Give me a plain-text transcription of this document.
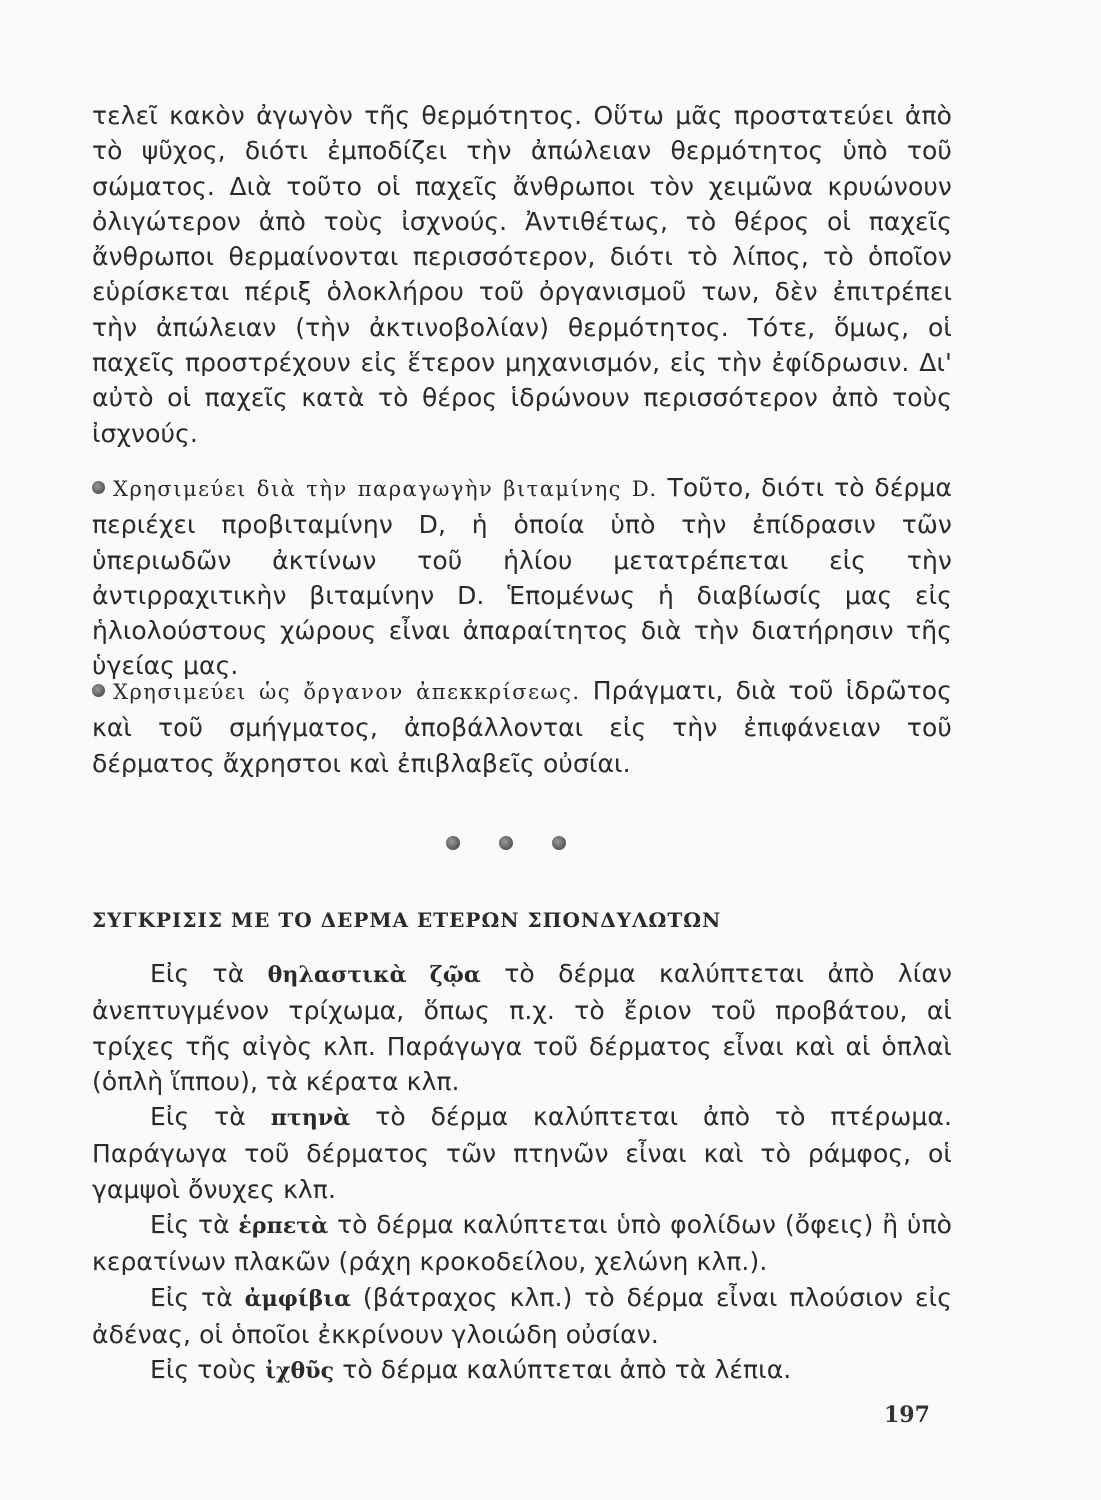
τελεῖ κακὸν ἀγωγὸν τῆς θερμότητος. Οὕτω μᾶς προστατεύει ἀπὸ τὸ ψῦχος, διότι ἐμποδίζει τὴν ἀπώλειαν θερμότητος ὑπὸ τοῦ σώματος. Διὰ τοῦτο οἱ παχεῖς ἄνθρωποι τὸν χειμῶνα κρυώνουν ὀλιγώτερον ἀπὸ τοὺς ἰσχνούς. Ἀντιθέτως, τὸ θέρος οἱ παχεῖς ἄνθρωποι θερμαίνονται περισσότερον, διότι τὸ λίπος, τὸ ὁποῖον εὑρίσκεται πέριξ ὁλοκλήρου τοῦ ὀργανισμοῦ των, δὲν ἐπιτρέπει τὴν ἀπώλειαν (τὴν ἀκτινοβολίαν) θερμότητος. Τότε, ὅμως, οἱ παχεῖς προστρέχουν εἰς ἕτερον μηχανισμόν, εἰς τὴν ἐφίδρωσιν. Δι' αὐτὸ οἱ παχεῖς κατὰ τὸ θέρος ἱδρώνουν περισσότερον ἀπὸ τοὺς ἰσχνούς.

Χρησιμεύει διὰ τὴν παραγωγὴν βιταμίνης D. Τοῦτο, διότι τὸ δέρμα περιέχει προβιταμίνην D, ἡ ὁποία ὑπὸ τὴν ἐπίδρασιν τῶν ὑπεριωδῶν ἀκτίνων τοῦ ἡλίου μετατρέπεται εἰς τὴν ἀντιρραχιτικὴν βιταμίνην D. Ἑπομένως ἡ διαβίωσίς μας εἰς ἡλιολούστους χώρους εἶναι ἀπαραίτητος διὰ τὴν διατήρησιν τῆς ὑγείας μας.

Χρησιμεύει ὡς ὄργανον ἀπεκκρίσεως. Πράγματι, διὰ τοῦ ἱδρῶτος καὶ τοῦ σμήγματος, ἀποβάλλονται εἰς τὴν ἐπιφάνειαν τοῦ δέρματος ἄχρηστοι καὶ ἐπιβλαβεῖς οὐσίαι.

ΣΥΓΚΡΙΣΙΣ ΜΕ ΤΟ ΔΕΡΜΑ ΕΤΕΡΩΝ ΣΠΟΝΔΥΛΩΤΩΝ

Εἰς τὰ θηλαστικὰ ζῷα τὸ δέρμα καλύπτεται ἀπὸ λίαν ἀνεπτυγμένον τρίχωμα, ὅπως π.χ. τὸ ἔριον τοῦ προβάτου, αἱ τρίχες τῆς αἰγὸς κλπ. Παράγωγα τοῦ δέρματος εἶναι καὶ αἱ ὁπλαὶ (ὁπλὴ ἵππου), τὰ κέρατα κλπ.

Εἰς τὰ πτηνὰ τὸ δέρμα καλύπτεται ἀπὸ τὸ πτέρωμα. Παράγωγα τοῦ δέρματος τῶν πτηνῶν εἶναι καὶ τὸ ράμφος, οἱ γαμψοὶ ὄνυχες κλπ.

Εἰς τὰ ἑρπετὰ τὸ δέρμα καλύπτεται ὑπὸ φολίδων (ὄφεις) ἢ ὑπὸ κερατίνων πλακῶν (ράχη κροκοδείλου, χελώνη κλπ.).

Εἰς τὰ ἀμφίβια (βάτραχος κλπ.) τὸ δέρμα εἶναι πλούσιον εἰς ἀδένας, οἱ ὁποῖοι ἐκκρίνουν γλοιώδη οὐσίαν.

Εἰς τοὺς ἰχθῦς τὸ δέρμα καλύπτεται ἀπὸ τὰ λέπια.

197
